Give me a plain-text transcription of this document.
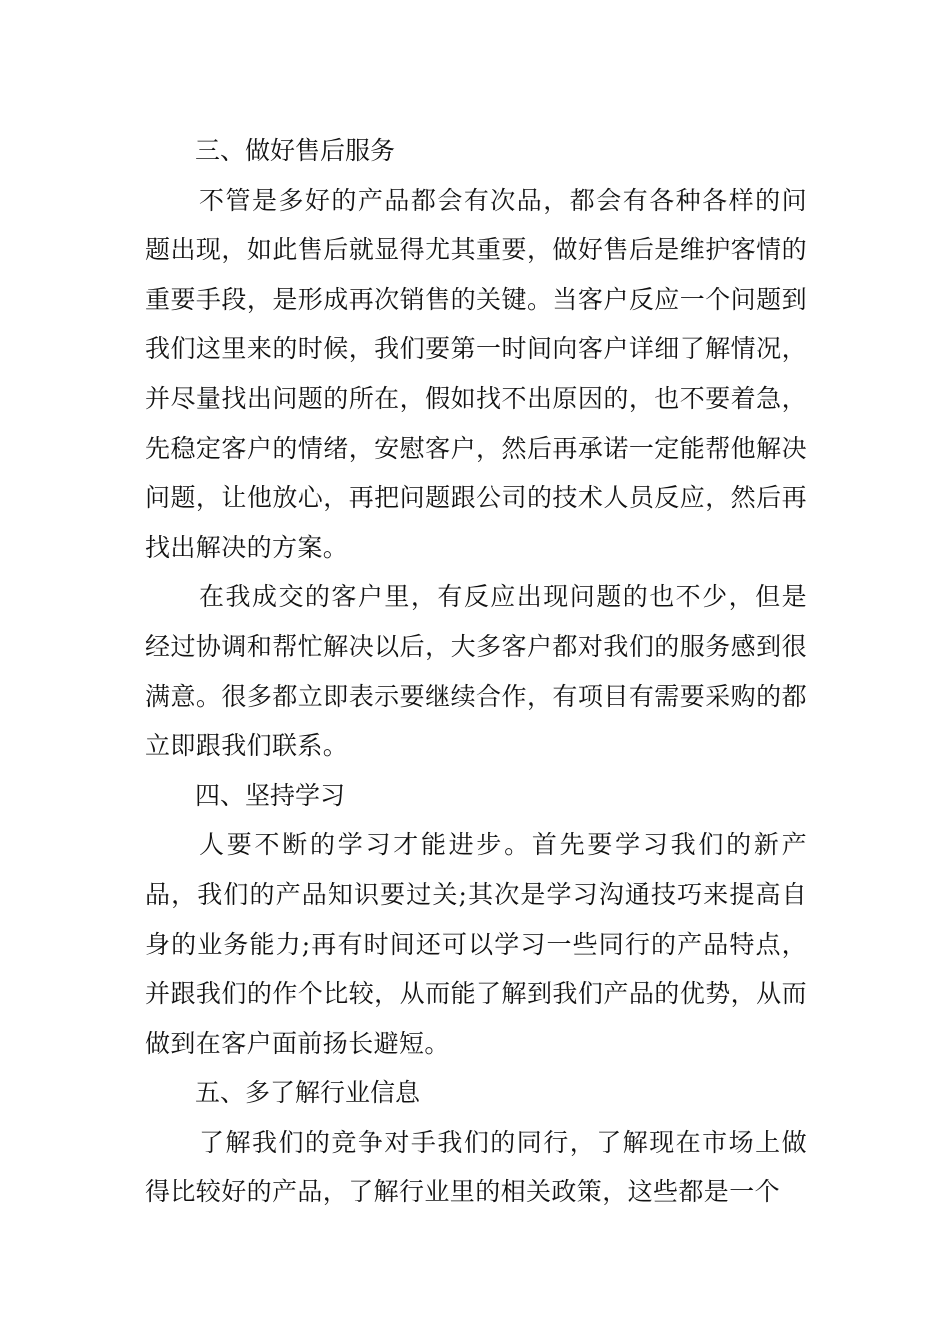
三、做好售后服务

不管是多好的产品都会有次品，都会有各种各样的问题出现，如此售后就显得尤其重要，做好售后是维护客情的重要手段，是形成再次销售的关键。当客户反应一个问题到我们这里来的时候，我们要第一时间向客户详细了解情况，并尽量找出问题的所在，假如找不出原因的，也不要着急，先稳定客户的情绪，安慰客户，然后再承诺一定能帮他解决问题，让他放心，再把问题跟公司的技术人员反应，然后再找出解决的方案。

在我成交的客户里，有反应出现问题的也不少，但是经过协调和帮忙解决以后，大多客户都对我们的服务感到很满意。很多都立即表示要继续合作，有项目有需要采购的都立即跟我们联系。

四、坚持学习

人要不断的学习才能进步。首先要学习我们的新产品，我们的产品知识要过关;其次是学习沟通技巧来提高自身的业务能力;再有时间还可以学习一些同行的产品特点，并跟我们的作个比较，从而能了解到我们产品的优势，从而做到在客户面前扬长避短。

五、多了解行业信息

了解我们的竞争对手我们的同行，了解现在市场上做得比较好的产品，了解行业里的相关政策，这些都是一个
